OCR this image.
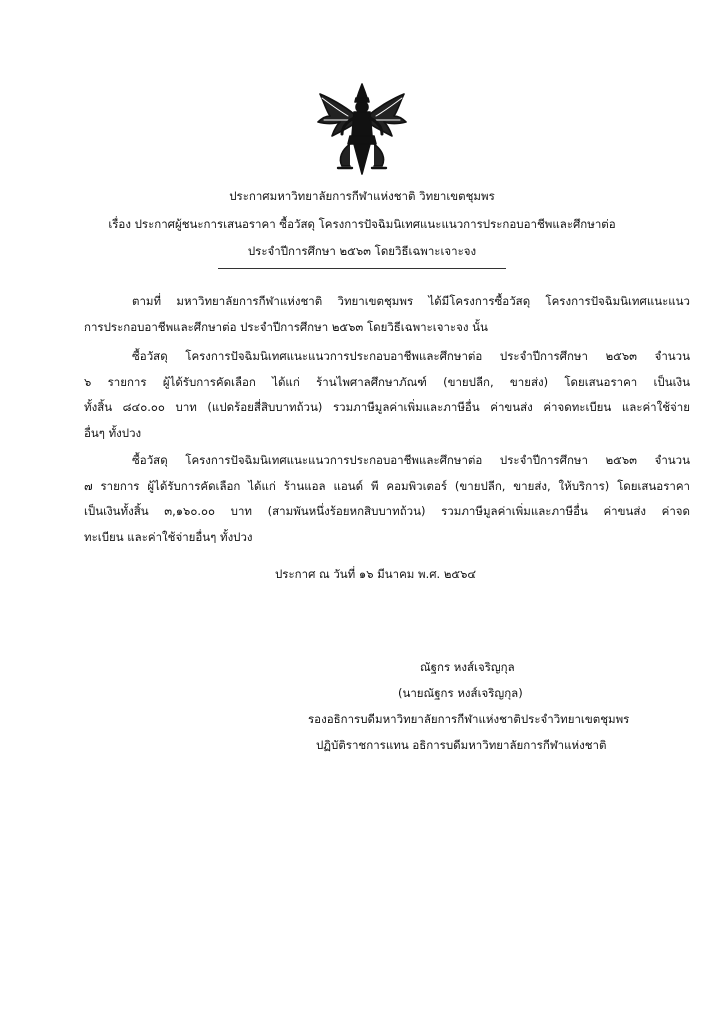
ประกาศมหาวิทยาลัยการกีฬาแห่งชาติ วิทยาเขตชุมพร
เรื่อง ประกาศผู้ชนะการเสนอราคา ซื้อวัสดุ โครงการปัจฉิมนิเทศแนะแนวการประกอบอาชีพและศึกษาต่อ
ประจำปีการศึกษา ๒๕๖๓ โดยวิธีเฉพาะเจาะจง
ตามที่ มหาวิทยาลัยการกีฬาแห่งชาติ วิทยาเขตชุมพร ได้มีโครงการซื้อวัสดุ โครงการปัจฉิมนิเทศแนะแนว
การประกอบอาชีพและศึกษาต่อ ประจำปีการศึกษา ๒๕๖๓ โดยวิธีเฉพาะเจาะจง นั้น
ซื้อวัสดุ โครงการปัจฉิมนิเทศแนะแนวการประกอบอาชีพและศึกษาต่อ ประจำปีการศึกษา ๒๕๖๓ จำนวน
๖ รายการ ผู้ได้รับการคัดเลือก ได้แก่ ร้านไพศาลศึกษาภัณฑ์ (ขายปลีก, ขายส่ง) โดยเสนอราคา เป็นเงิน
ทั้งสิ้น ๘๔๐.๐๐ บาท (แปดร้อยสี่สิบบาทถ้วน) รวมภาษีมูลค่าเพิ่มและภาษีอื่น ค่าขนส่ง ค่าจดทะเบียน และค่าใช้จ่าย
อื่นๆ ทั้งปวง
ซื้อวัสดุ โครงการปัจฉิมนิเทศแนะแนวการประกอบอาชีพและศึกษาต่อ ประจำปีการศึกษา ๒๕๖๓ จำนวน
๗ รายการ ผู้ได้รับการคัดเลือก ได้แก่ ร้านแอล แอนด์ พี คอมพิวเตอร์ (ขายปลีก, ขายส่ง, ให้บริการ) โดยเสนอราคา
เป็นเงินทั้งสิ้น ๓,๑๖๐.๐๐ บาท (สามพันหนึ่งร้อยหกสิบบาทถ้วน) รวมภาษีมูลค่าเพิ่มและภาษีอื่น ค่าขนส่ง ค่าจด
ทะเบียน และค่าใช้จ่ายอื่นๆ ทั้งปวง
ประกาศ ณ วันที่ ๑๖ มีนาคม พ.ศ. ๒๕๖๔
ณัฐกร หงส์เจริญกุล
(นายณัฐกร หงส์เจริญกุล)
รองอธิการบดีมหาวิทยาลัยการกีฬาแห่งชาติประจำวิทยาเขตชุมพร
ปฏิบัติราชการแทน อธิการบดีมหาวิทยาลัยการกีฬาแห่งชาติ
